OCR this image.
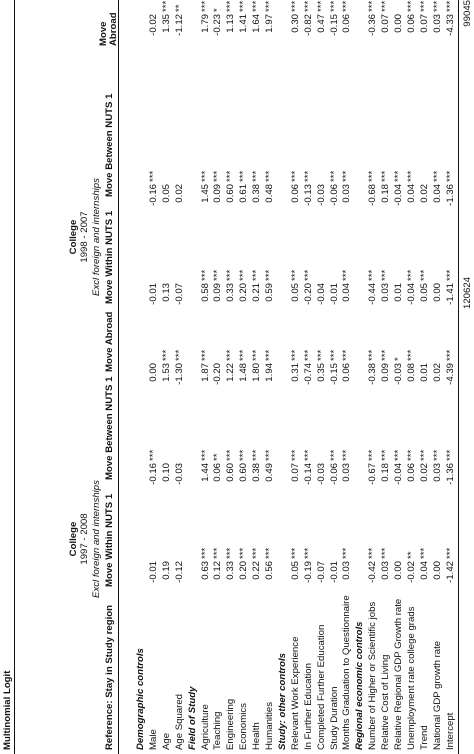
Multinomial Logit
College 1997 - 2008 Excl foreign and internships
College 1998 - 2007 Excl foreign and internships
Reference: Stay in Study region
Move Within NUTS 1
Move Between NUTS 1
Move Abroad
Move Within NUTS 1
Move Between NUTS 1
Move Abroad
Demographic controls Male
-0.01
-0.16
***
0.00
-0.01
-0.16
***
-0.02
Age
0.19
0.10
1.53
***
0.13
0.05
1.35
***
Age Squared
-0.12
-0.03
-1.30
***
-0.07
0.02
-1.12
**
Field of Study Agriculture
0.63
***
1.44
***
1.87
***
0.58
***
1.45
***
1.79
***
Teaching
0.12
***
0.06
**
-0.20
0.09
***
0.09
***
-0.23
*
Engineering
0.33
***
0.60
***
1.22
***
0.33
***
0.60
***
1.13
***
Economics
0.20
***
0.60
***
1.48
***
0.20
***
0.61
***
1.41
***
Health
0.22
***
0.38
***
1.80
***
0.21
***
0.38
***
1.64
***
Humanities
0.56
***
0.49
***
1.94
***
0.59
***
0.48
***
1.97
***
Study: other controls Relevant Work Experience
0.05
***
0.07
***
0.31
***
0.05
***
0.06
***
0.30
***
In Further Education
-0.19
***
-0.14
***
-0.74
***
-0.20
***
-0.13
***
-0.82
***
Completed Further Education
-0.07
-0.03
0.35
***
-0.04
-0.03
0.47
***
Study Duration
-0.01
-0.06
***
-0.15
***
-0.01
-0.06
***
-0.15
***
Months Graduation to Questionnaire
0.03
***
0.03
***
0.06
***
0.04
***
0.03
***
0.06
***
Regional economic controls Number of Higher or Scientific jobs
-0.42
***
-0.67
***
-0.38
***
-0.44
***
-0.68
***
-0.36
***
Relative Cost of Living
0.03
***
0.18
***
0.09
***
0.03
***
0.18
***
0.07
***
Relative Regional GDP Growth rate
0.00
-0.04
***
-0.03
*
0.01
-0.04
***
0.00
Unemployment rate college grads
-0.02
**
0.06
***
0.08
***
-0.04
***
0.04
***
0.06
***
Trend
0.04
***
0.02
***
0.01
0.05
***
0.02
0.07
***
National GDP growth rate
0.00
0.03
***
0.02
0.00
0.04
***
0.03
***
Intercept
-1.42
***
-1.36
***
-4.39
***
-1.41
***
-1.36
***
-4.33
***
120624
99045
